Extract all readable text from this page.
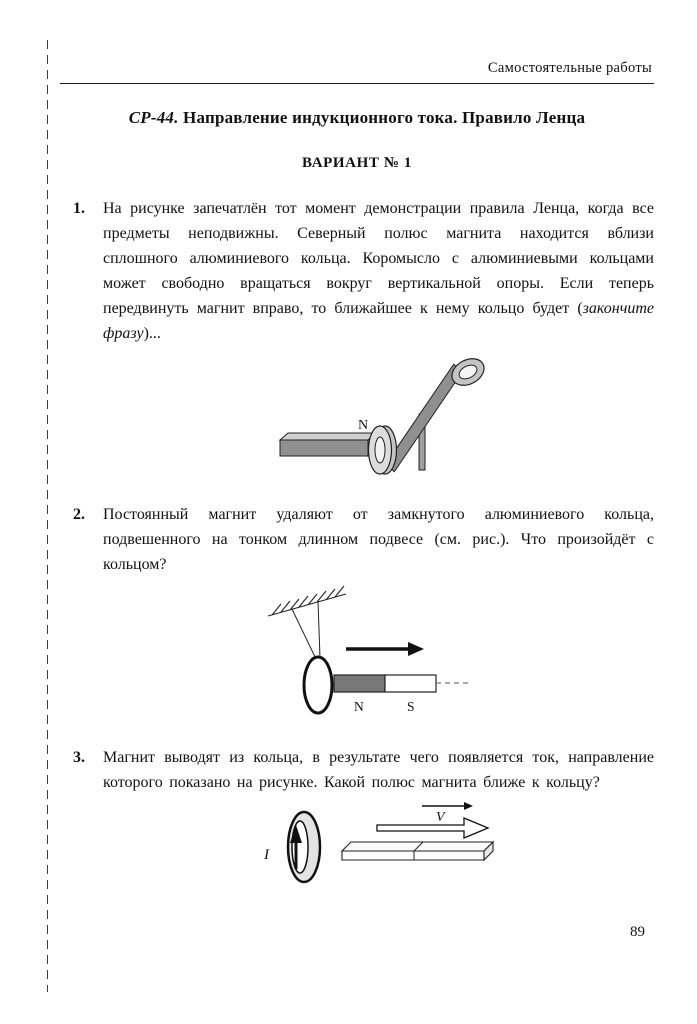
Самостоятельные работы
СР-44. Направление индукционного тока. Правило Ленца
ВАРИАНТ № 1
1.	На рисунке запечатлён тот момент демонстрации правила Ленца, когда все предметы неподвижны. Северный полюс магнита находится вблизи сплошного алюминиевого кольца. Коромысло с алюминиевыми кольцами может свободно вращаться вокруг вертикальной опоры. Если теперь передвинуть магнит вправо, то ближайшее к нему кольцо будет (закончите фразу)...
N
2.	Постоянный магнит удаляют от замкнутого алюминиевого кольца, подвешенного на тонком длинном подвесе (см. рис.). Что произойдёт с кольцом?
N	S
3.	Магнит выводят из кольца, в результате чего появляется ток, направление которого показано на рисунке. Какой полюс магнита ближе к кольцу?
I
V
89
